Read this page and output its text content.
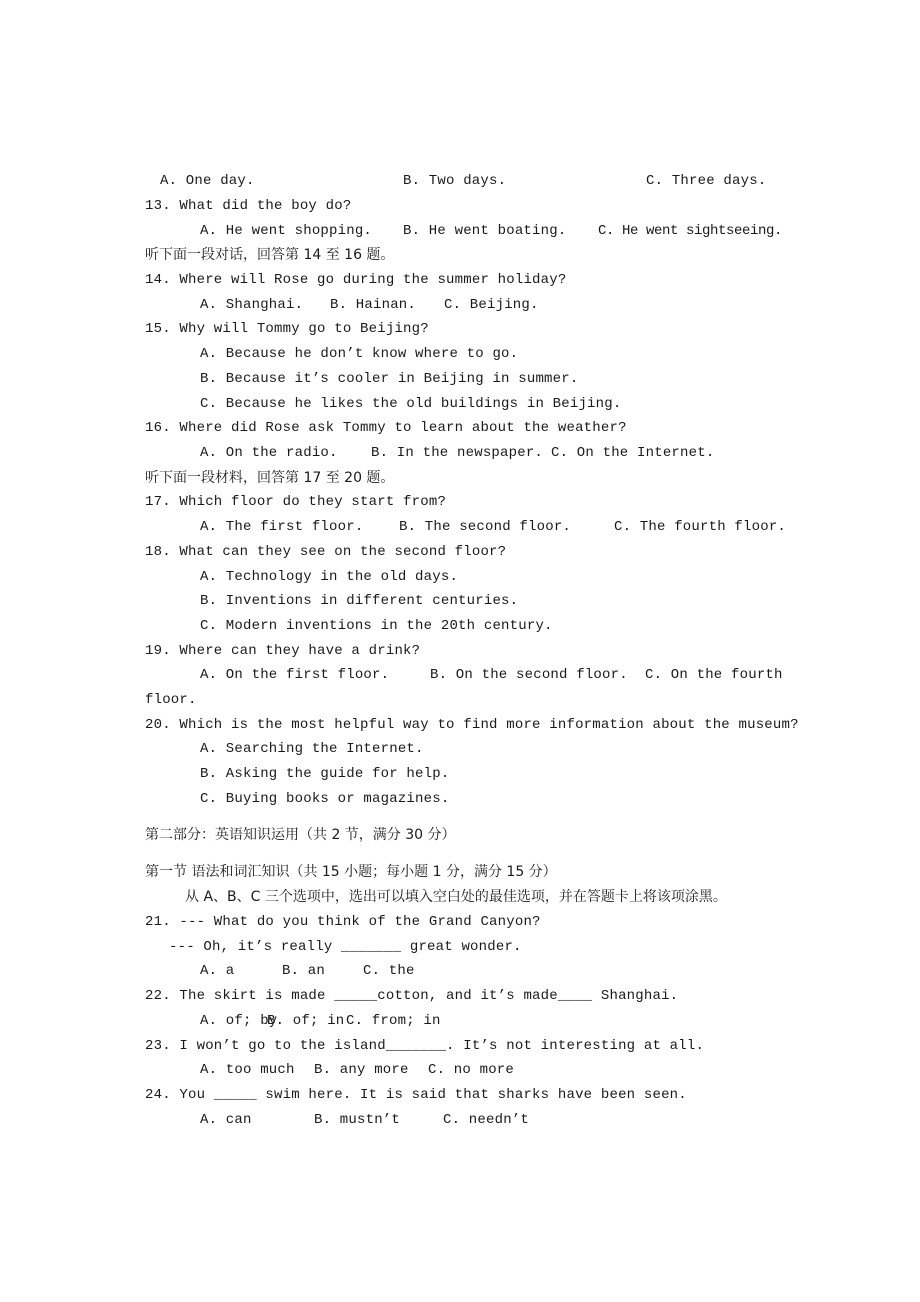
A. One day.	B. Two days.	C. Three days.
13. What did the boy do?
A. He went shopping. B. He went boating. C. He went sightseeing.
听下面一段对话，回答第 14 至 16 题。
14. Where will Rose go during the summer holiday?
A. Shanghai. B. Hainan. C. Beijing.
15. Why will Tommy go to Beijing?
A. Because he don’t know where to go.
B. Because it’s cooler in Beijing in summer.
C. Because he likes the old buildings in Beijing.
16. Where did Rose ask Tommy to learn about the weather?
A. On the radio. B. In the newspaper. C. On the Internet.
听下面一段材料，回答第 17 至 20 题。
17. Which floor do they start from?
A. The first floor.	B. The second floor.	C. The fourth floor.
18. What can they see on the second floor?
A. Technology in the old days.
B. Inventions in different centuries.
C. Modern inventions in the 20th century.
19. Where can they have a drink?
A. On the first floor.	B. On the second floor. C. On the fourth
floor.
20. Which is the most helpful way to find more information about the museum?
A. Searching the Internet.
B. Asking the guide for help.
C. Buying books or magazines.
第二部分：英语知识运用（共 2 节，满分 30 分）
第一节 语法和词汇知识（共 15 小题；每小题 1 分，满分 15 分）
从 A、B、C 三个选项中，选出可以填入空白处的最佳选项，并在答题卡上将该项涂黑。
21. --- What do you think of the Grand Canyon?
--- Oh, it’s really _______ great wonder.
A. a	B. an	C. the
22. The skirt is made _____cotton, and it’s made____ Shanghai.
A. of; by
B. of; in C. from; in
23. I won’t go to the island_______. It’s not interesting at all.
A. too much B. any more C. no more
24. You _____ swim here. It is said that sharks have been seen.
A. can	B. mustn’t	C. needn’t
